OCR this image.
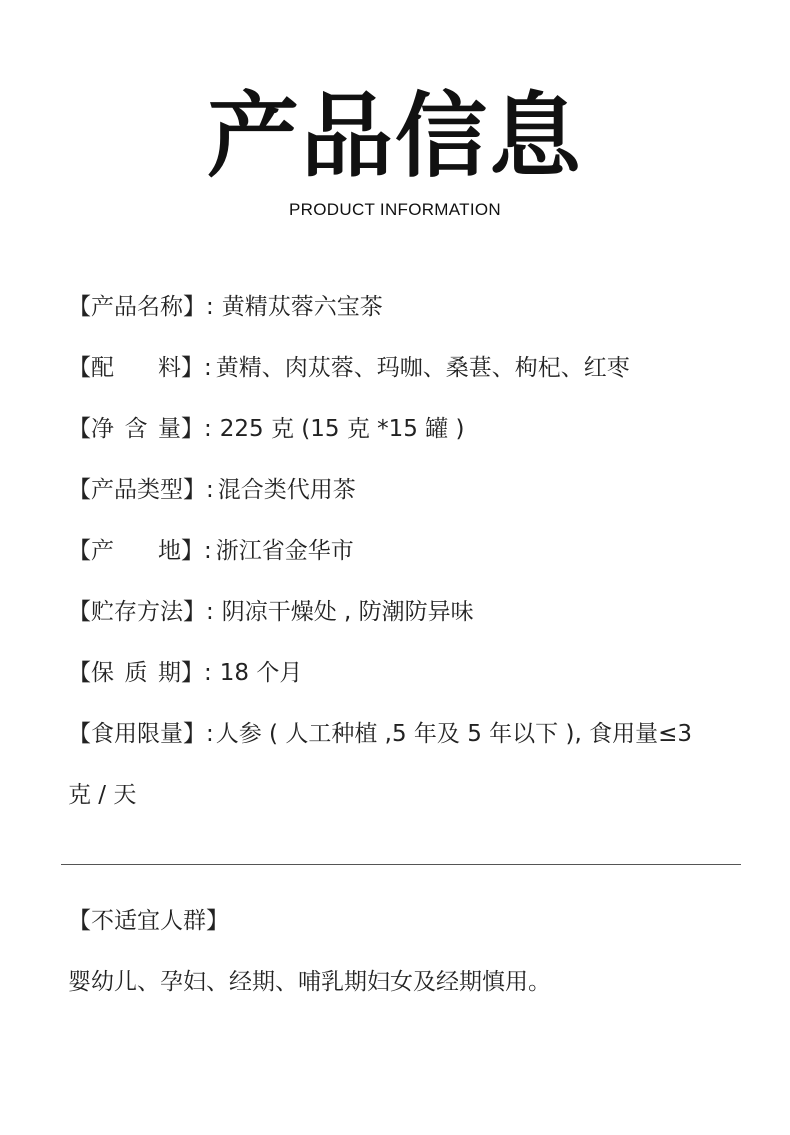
产品信息
PRODUCT INFORMATION
【产品名称】: 黄精苁蓉六宝茶
【 配 料 】: 黄精、肉苁蓉、玛咖、桑葚、枸杞、红枣
【 净 含 量 】: 225 克 (15 克 *15 罐 )
【产品类型】: 混合类代用茶
【 产 地 】: 浙江省金华市
【贮存方法】: 阴凉干燥处 , 防潮防异味
【 保 质 期 】: 18 个月
【食用限量】:人参 ( 人工种植 ,5 年及 5 年以下 ), 食用量≤3
克 / 天
【不适宜人群】
婴幼儿、孕妇、经期、哺乳期妇女及经期慎用。
